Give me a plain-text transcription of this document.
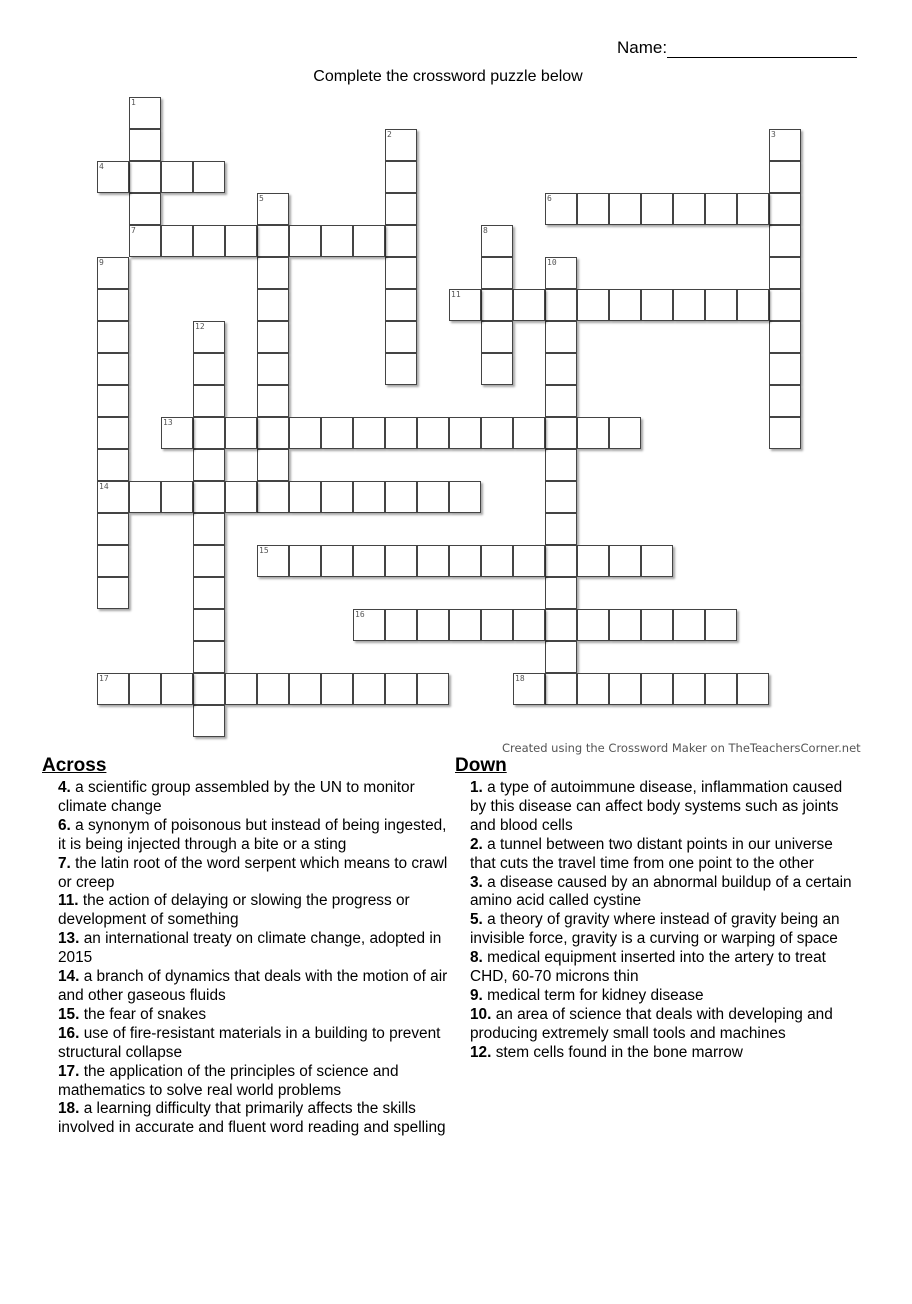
Name:
Complete the crossword puzzle below
1
7
2	3
4
5	6
8
9
14
10
11
12
13
15
16
17	18
Created using the Crossword Maker on TheTeachersCorner.net
Across
4. a scientific group assembled by the UN to monitor climate change
6. a synonym of poisonous but instead of being ingested, it is being injected through a bite or a sting
7. the latin root of the word serpent which means to crawl or creep
11. the action of delaying or slowing the progress or development of something
13. an international treaty on climate change, adopted in 2015
14. a branch of dynamics that deals with the motion of air and other gaseous fluids
15. the fear of snakes
16. use of fire-resistant materials in a building to prevent structural collapse
17. the application of the principles of science and mathematics to solve real world problems
18. a learning difficulty that primarily affects the skills involved in accurate and fluent word reading and spelling
Down
1. a type of autoimmune disease, inflammation caused by this disease can affect body systems such as joints and blood cells
2. a tunnel between two distant points in our universe that cuts the travel time from one point to the other
3. a disease caused by an abnormal buildup of a certain amino acid called cystine
5. a theory of gravity where instead of gravity being an invisible force, gravity is a curving or warping of space
8. medical equipment inserted into the artery to treat CHD, 60-70 microns thin
9. medical term for kidney disease
10. an area of science that deals with developing and producing extremely small tools and machines
12. stem cells found in the bone marrow
